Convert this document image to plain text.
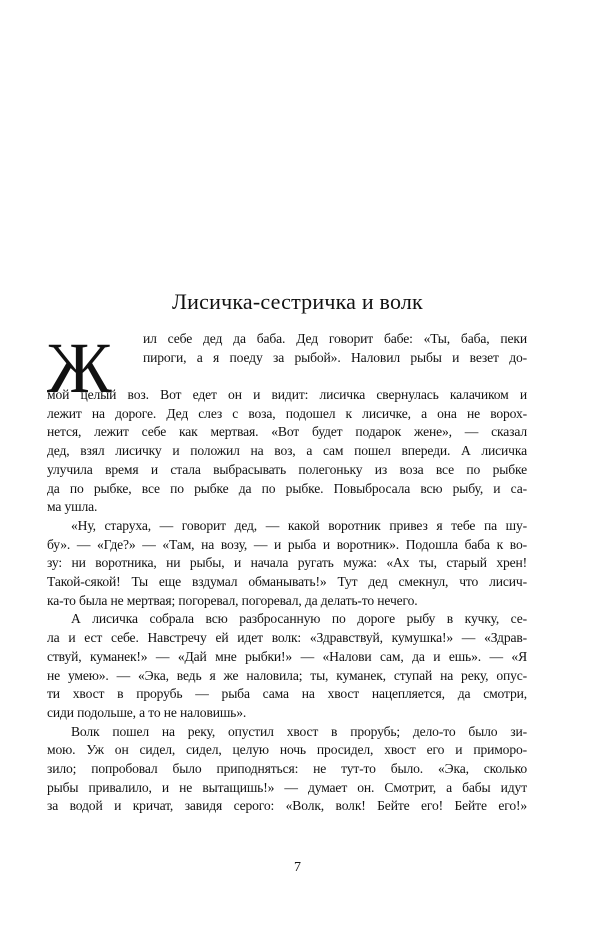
Лисичка-сестричка и волк
Ж ил себе дед да баба. Дед говорит бабе: «Ты, баба, пеки
пироги, а я поеду за рыбой». Наловил рыбы и везет до-
мой целый воз. Вот едет он и видит: лисичка свернулась калачиком и
лежит на дороге. Дед слез с воза, подошел к лисичке, а она не ворох-
нется, лежит себе как мертвая. «Вот будет подарок жене», — сказал
дед, взял лисичку и положил на воз, а сам пошел впереди. А лисичка
улучила время и стала выбрасывать полегоньку из воза все по рыбке
да по рыбке, все по рыбке да по рыбке. Повыбросала всю рыбу, и са-
ма ушла.
«Ну, старуха, — говорит дед, — какой воротник привез я тебе па шу-
бу». — «Где?» — «Там, на возу, — и рыба и воротник». Подошла баба к во-
зу: ни воротника, ни рыбы, и начала ругать мужа: «Ах ты, старый хрен!
Такой-сякой! Ты еще вздумал обманывать!» Тут дед смекнул, что лисич-
ка-то была не мертвая; погоревал, погоревал, да делать-то нечего.
А лисичка собрала всю разбросанную по дороге рыбу в кучку, се-
ла и ест себе. Навстречу ей идет волк: «Здравствуй, кумушка!» — «Здрав-
ствуй, куманек!» — «Дай мне рыбки!» — «Налови сам, да и ешь». — «Я
не умею». — «Эка, ведь я же наловила; ты, куманек, ступай на реку, опус-
ти хвост в прорубь — рыба сама на хвост нацепляется, да смотри,
сиди подольше, а то не наловишь».
Волк пошел на реку, опустил хвост в прорубь; дело-то было зи-
мою. Уж он сидел, сидел, целую ночь просидел, хвост его и приморо-
зило; попробовал было приподняться: не тут-то было. «Эка, сколько
рыбы привалило, и не вытащишь!» — думает он. Смотрит, а бабы идут
за водой и кричат, завидя серого: «Волк, волк! Бейте его! Бейте его!»
7
